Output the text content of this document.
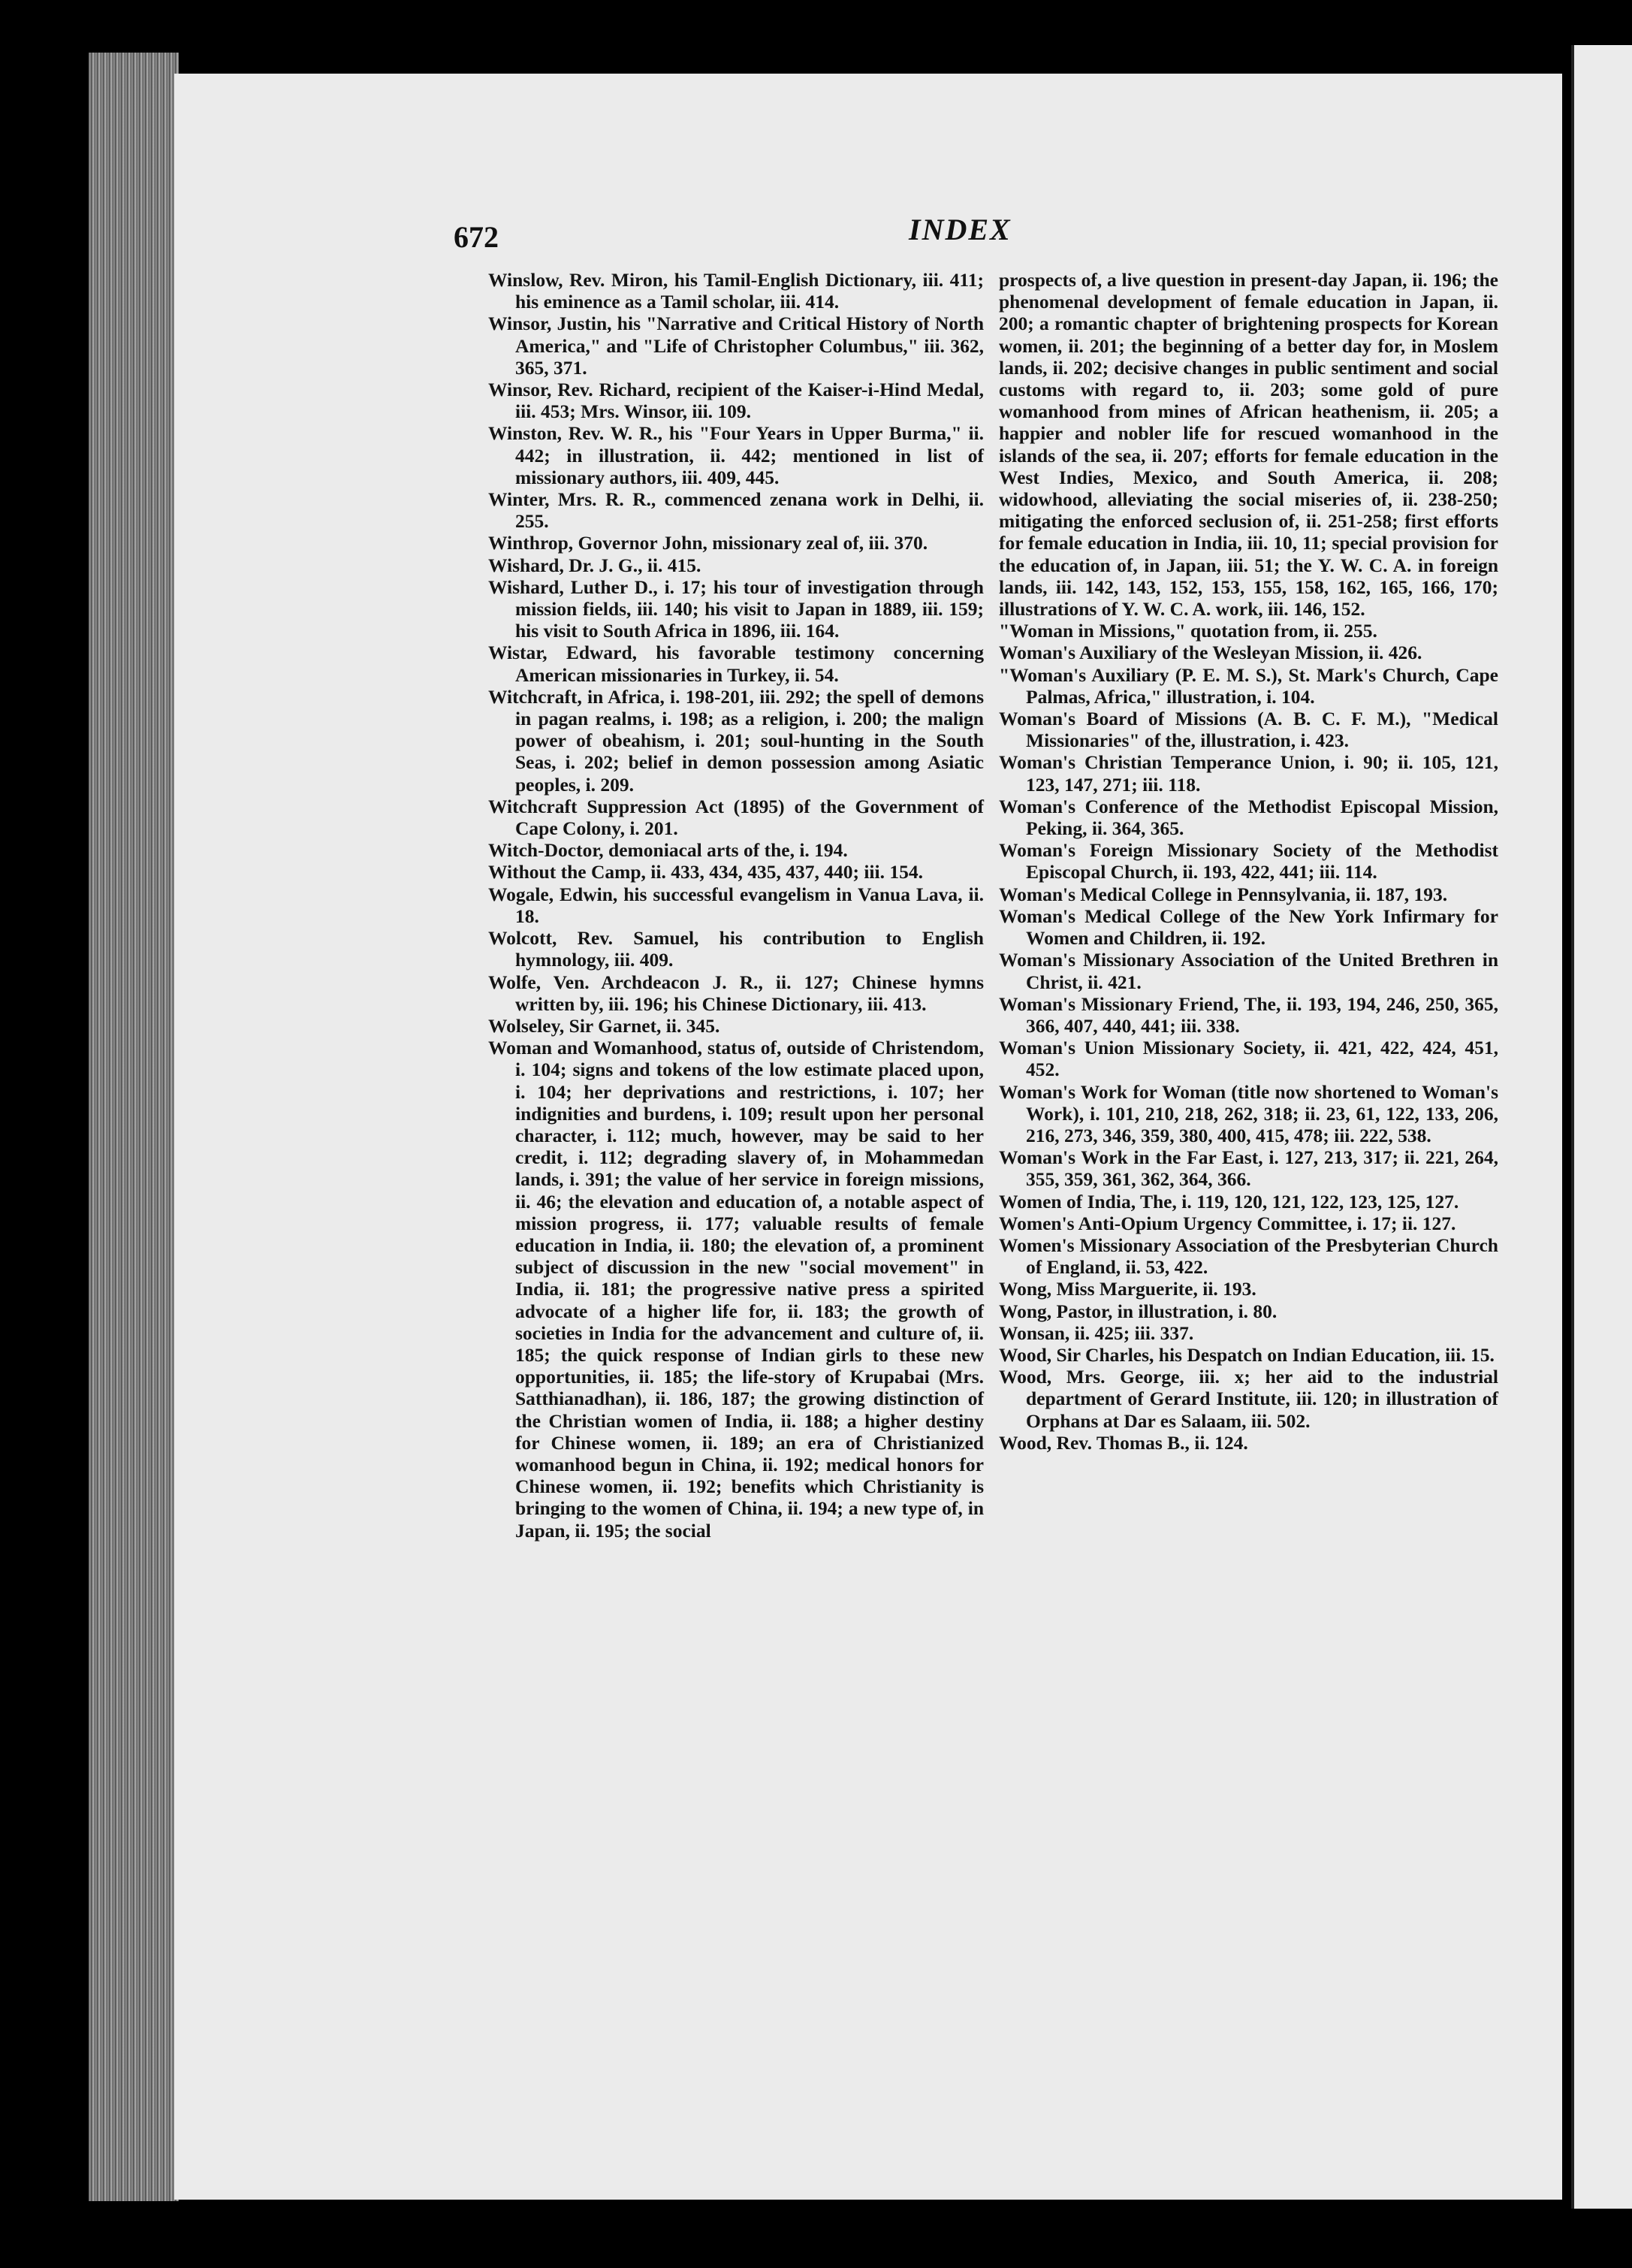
672	INDEX
Winslow, Rev. Miron, his Tamil-English Dictionary, iii. 411; his eminence as a Tamil scholar, iii. 414.
Winsor, Justin, his "Narrative and Critical History of North America," and "Life of Christopher Columbus," iii. 362, 365, 371.
Winsor, Rev. Richard, recipient of the Kaiser-i-Hind Medal, iii. 453; Mrs. Winsor, iii. 109.
Winston, Rev. W. R., his "Four Years in Upper Burma," ii. 442; in illustration, ii. 442; mentioned in list of missionary authors, iii. 409, 445.
Winter, Mrs. R. R., commenced zenana work in Delhi, ii. 255.
Winthrop, Governor John, missionary zeal of, iii. 370.
Wishard, Dr. J. G., ii. 415.
Wishard, Luther D., i. 17; his tour of investigation through mission fields, iii. 140; his visit to Japan in 1889, iii. 159; his visit to South Africa in 1896, iii. 164.
Wistar, Edward, his favorable testimony concerning American missionaries in Turkey, ii. 54.
Witchcraft, in Africa, i. 198-201, iii. 292; the spell of demons in pagan realms, i. 198; as a religion, i. 200; the malign power of obeahism, i. 201; soul-hunting in the South Seas, i. 202; belief in demon possession among Asiatic peoples, i. 209.
Witchcraft Suppression Act (1895) of the Government of Cape Colony, i. 201.
Witch-Doctor, demoniacal arts of the, i. 194.
Without the Camp, ii. 433, 434, 435, 437, 440; iii. 154.
Wogale, Edwin, his successful evangelism in Vanua Lava, ii. 18.
Wolcott, Rev. Samuel, his contribution to English hymnology, iii. 409.
Wolfe, Ven. Archdeacon J. R., ii. 127; Chinese hymns written by, iii. 196; his Chinese Dictionary, iii. 413.
Wolseley, Sir Garnet, ii. 345.
Woman and Womanhood, status of, outside of Christendom, i. 104; signs and tokens of the low estimate placed upon, i. 104; her deprivations and restrictions, i. 107; her indignities and burdens, i. 109; result upon her personal character, i. 112; much, however, may be said to her credit, i. 112; degrading slavery of, in Mohammedan lands, i. 391; the value of her service in foreign missions, ii. 46; the elevation and education of, a notable aspect of mission progress, ii. 177; valuable results of female education in India, ii. 180; the elevation of, a prominent subject of discussion in the new "social movement" in India, ii. 181; the progressive native press a spirited advocate of a higher life for, ii. 183; the growth of societies in India for the advancement and culture of, ii. 185; the quick response of Indian girls to these new opportunities, ii. 185; the life-story of Krupabai (Mrs. Satthianadhan), ii. 186, 187; the growing distinction of the Christian women of India, ii. 188; a higher destiny for Chinese women, ii. 189; an era of Christianized womanhood begun in China, ii. 192; medical honors for Chinese women, ii. 192; benefits which Christianity is bringing to the women of China, ii. 194; a new type of, in Japan, ii. 195; the social
prospects of, a live question in present-day Japan, ii. 196; the phenomenal development of female education in Japan, ii. 200; a romantic chapter of brightening prospects for Korean women, ii. 201; the beginning of a better day for, in Moslem lands, ii. 202; decisive changes in public sentiment and social customs with regard to, ii. 203; some gold of pure womanhood from mines of African heathenism, ii. 205; a happier and nobler life for rescued womanhood in the islands of the sea, ii. 207; efforts for female education in the West Indies, Mexico, and South America, ii. 208; widowhood, alleviating the social miseries of, ii. 238-250; mitigating the enforced seclusion of, ii. 251-258; first efforts for female education in India, iii. 10, 11; special provision for the education of, in Japan, iii. 51; the Y. W. C. A. in foreign lands, iii. 142, 143, 152, 153, 155, 158, 162, 165, 166, 170; illustrations of Y. W. C. A. work, iii. 146, 152.
"Woman in Missions," quotation from, ii. 255.
Woman's Auxiliary of the Wesleyan Mission, ii. 426.
"Woman's Auxiliary (P. E. M. S.), St. Mark's Church, Cape Palmas, Africa," illustration, i. 104.
Woman's Board of Missions (A. B. C. F. M.), "Medical Missionaries" of the, illustration, i. 423.
Woman's Christian Temperance Union, i. 90; ii. 105, 121, 123, 147, 271; iii. 118.
Woman's Conference of the Methodist Episcopal Mission, Peking, ii. 364, 365.
Woman's Foreign Missionary Society of the Methodist Episcopal Church, ii. 193, 422, 441; iii. 114.
Woman's Medical College in Pennsylvania, ii. 187, 193.
Woman's Medical College of the New York Infirmary for Women and Children, ii. 192.
Woman's Missionary Association of the United Brethren in Christ, ii. 421.
Woman's Missionary Friend, The, ii. 193, 194, 246, 250, 365, 366, 407, 440, 441; iii. 338.
Woman's Union Missionary Society, ii. 421, 422, 424, 451, 452.
Woman's Work for Woman (title now shortened to Woman's Work), i. 101, 210, 218, 262, 318; ii. 23, 61, 122, 133, 206, 216, 273, 346, 359, 380, 400, 415, 478; iii. 222, 538.
Woman's Work in the Far East, i. 127, 213, 317; ii. 221, 264, 355, 359, 361, 362, 364, 366.
Women of India, The, i. 119, 120, 121, 122, 123, 125, 127.
Women's Anti-Opium Urgency Committee, i. 17; ii. 127.
Women's Missionary Association of the Presbyterian Church of England, ii. 53, 422.
Wong, Miss Marguerite, ii. 193.
Wong, Pastor, in illustration, i. 80.
Wonsan, ii. 425; iii. 337.
Wood, Sir Charles, his Despatch on Indian Education, iii. 15.
Wood, Mrs. George, iii. x; her aid to the industrial department of Gerard Institute, iii. 120; in illustration of Orphans at Dar es Salaam, iii. 502.
Wood, Rev. Thomas B., ii. 124.
